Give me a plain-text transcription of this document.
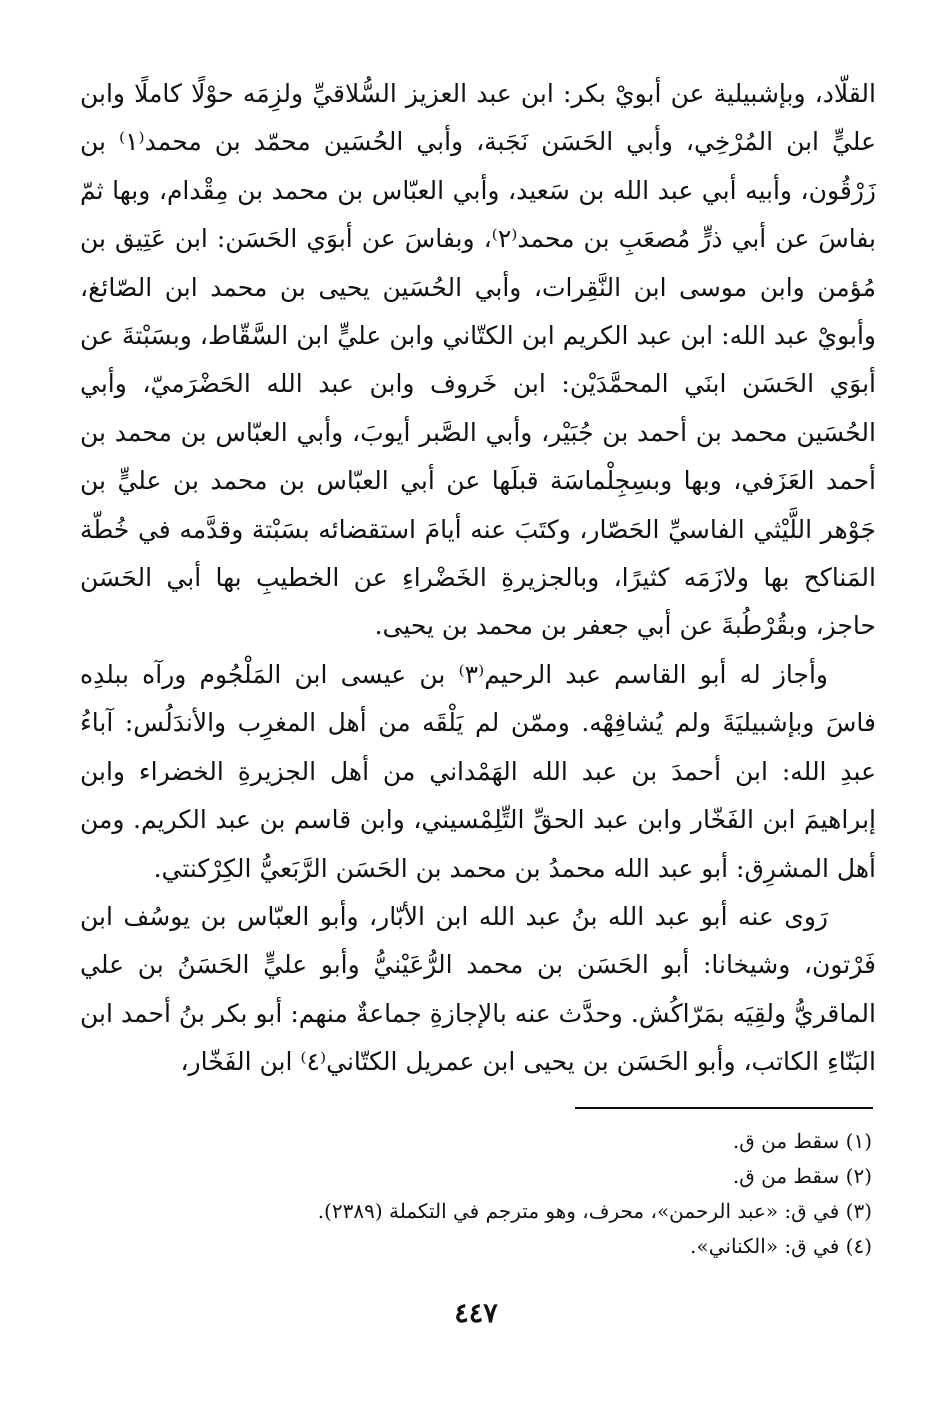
القلّاد، وبإشبيلية عن أبويْ بكر: ابن عبد العزيز السُّلاقيِّ ولزِمَه حوْلًا كاملًا وابن عليٍّ ابن المُرْخِي، وأبي الحَسَن نَجَبة، وأبي الحُسَين محمّد بن محمد⁽١⁾ بن زَرْقُون، وأبيه أبي عبد الله بن سَعيد، وأبي العبّاس بن محمد بن مِقْدام، وبها ثمّ بفاسَ عن أبي ذرٍّ مُصعَبِ بن محمد⁽٢⁾، وبفاسَ عن أبوَي الحَسَن: ابن عَتِيق بن مُؤمن وابن موسى ابن النَّقِرات، وأبي الحُسَين يحيى بن محمد ابن الصّائغ، وأبويْ عبد الله: ابن عبد الكريم ابن الكتّاني وابن عليٍّ ابن السَّقّاط، وبسَبْتةَ عن أبوَي الحَسَن ابنَي المحمَّدَيْن: ابن خَروف وابن عبد الله الحَضْرَميّ، وأبي الحُسَين محمد بن أحمد بن جُبَيْر، وأبي الصَّبر أيوبَ، وأبي العبّاس بن محمد بن أحمد العَزَفي، وبها وبسِجِلْماسَة قبلَها عن أبي العبّاس بن محمد بن عليٍّ بن جَوْهر اللَّيْثي الفاسيِّ الحَصّار، وكتَبَ عنه أيامَ استقضائه بسَبْتة وقدَّمه في خُطّة المَناكح بها ولازَمَه كثيرًا، وبالجزيرةِ الخَضْراءِ عن الخطيبِ بها أبي الحَسَن حاجز، وبقُرْطُبةَ عن أبي جعفر بن محمد بن يحيى.

وأجاز له أبو القاسم عبد الرحيم⁽٣⁾ بن عيسى ابن المَلْجُوم ورآه ببلدِه فاسَ وبإشبيليَةَ ولم يُشافِهْه. وممّن لم يَلْقَه من أهل المغرِب والأندَلُس: آباءُ عبدِ الله: ابن أحمدَ بن عبد الله الهَمْداني من أهل الجزيرةِ الخضراء وابن إبراهيمَ ابن الفَخّار وابن عبد الحقِّ التِّلِمْسيني، وابن قاسم بن عبد الكريم. ومن أهل المشرِق: أبو عبد الله محمدُ بن محمد بن الحَسَن الرَّبَعيُّ الكِرْكنتي.

رَوى عنه أبو عبد الله بنُ عبد الله ابن الأبّار، وأبو العبّاس بن يوسُف ابن فَرْتون، وشيخانا: أبو الحَسَن بن محمد الرُّعَيْنيُّ وأبو عليٍّ الحَسَنُ بن علي الماقريُّ ولقِيَه بمَرّاكُش. وحدَّث عنه بالإجازةِ جماعةٌ منهم: أبو بكر بنُ أحمد ابن البَنّاءِ الكاتب، وأبو الحَسَن بن يحيى ابن عمريل الكتّاني⁽٤⁾ ابن الفَخّار،

(١) سقط من ق.

(٢) سقط من ق.

(٣) في ق: «عبد الرحمن»، محرف، وهو مترجم في التكملة (٢٣٨٩).

(٤) في ق: «الكناني».

٤٤٧
